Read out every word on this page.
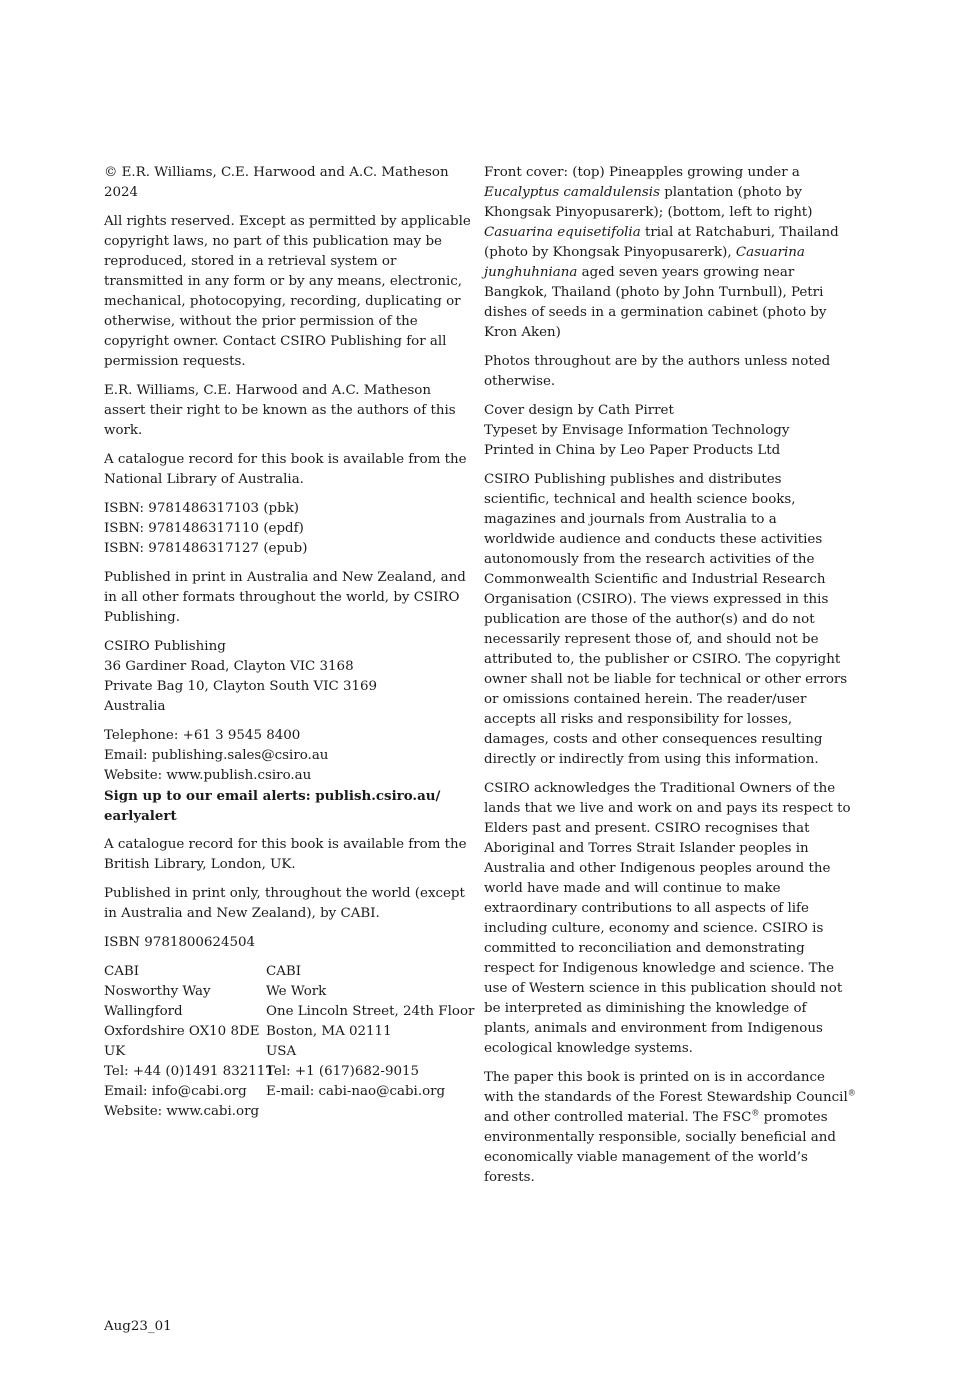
© E.R. Williams, C.E. Harwood and A.C. Matheson
2024
All rights reserved. Except as permitted by applicable
copyright laws, no part of this publication may be
reproduced, stored in a retrieval system or
transmitted in any form or by any means, electronic,
mechanical, photocopying, recording, duplicating or
otherwise, without the prior permission of the
copyright owner. Contact CSIRO Publishing for all
permission requests.
E.R. Williams, C.E. Harwood and A.C. Matheson
assert their right to be known as the authors of this
work.
A catalogue record for this book is available from the
National Library of Australia.
ISBN: 9781486317103 (pbk)
ISBN: 9781486317110 (epdf)
ISBN: 9781486317127 (epub)
Published in print in Australia and New Zealand, and
in all other formats throughout the world, by CSIRO
Publishing.
CSIRO Publishing
36 Gardiner Road, Clayton VIC 3168
Private Bag 10, Clayton South VIC 3169
Australia
Telephone: +61 3 9545 8400
Email: publishing.sales@csiro.au
Website: www.publish.csiro.au
Sign up to our email alerts: publish.csiro.au/
earlyalert
A catalogue record for this book is available from the
British Library, London, UK.
Published in print only, throughout the world (except
in Australia and New Zealand), by CABI.
ISBN 9781800624504
CABI
Nosworthy Way
Wallingford
Oxfordshire OX10 8DE
UK
Tel: +44 (0)1491 832111
Email: info@cabi.org
Website: www.cabi.org
CABI
We Work
One Lincoln Street, 24th Floor
Boston, MA 02111
USA
Tel: +1 (617)682-9015
E-mail: cabi-nao@cabi.org
Front cover: (top) Pineapples growing under a
Eucalyptus camaldulensis plantation (photo by
Khongsak Pinyopusarerk); (bottom, left to right)
Casuarina equisetifolia trial at Ratchaburi, Thailand
(photo by Khongsak Pinyopusarerk), Casuarina
junghuhniana aged seven years growing near
Bangkok, Thailand (photo by John Turnbull), Petri
dishes of seeds in a germination cabinet (photo by
Kron Aken)
Photos throughout are by the authors unless noted
otherwise.
Cover design by Cath Pirret
Typeset by Envisage Information Technology
Printed in China by Leo Paper Products Ltd
CSIRO Publishing publishes and distributes
scientific, technical and health science books,
magazines and journals from Australia to a
worldwide audience and conducts these activities
autonomously from the research activities of the
Commonwealth Scientific and Industrial Research
Organisation (CSIRO). The views expressed in this
publication are those of the author(s) and do not
necessarily represent those of, and should not be
attributed to, the publisher or CSIRO. The copyright
owner shall not be liable for technical or other errors
or omissions contained herein. The reader/user
accepts all risks and responsibility for losses,
damages, costs and other consequences resulting
directly or indirectly from using this information.
CSIRO acknowledges the Traditional Owners of the
lands that we live and work on and pays its respect to
Elders past and present. CSIRO recognises that
Aboriginal and Torres Strait Islander peoples in
Australia and other Indigenous peoples around the
world have made and will continue to make
extraordinary contributions to all aspects of life
including culture, economy and science. CSIRO is
committed to reconciliation and demonstrating
respect for Indigenous knowledge and science. The
use of Western science in this publication should not
be interpreted as diminishing the knowledge of
plants, animals and environment from Indigenous
ecological knowledge systems.
The paper this book is printed on is in accordance
with the standards of the Forest Stewardship Council®
and other controlled material. The FSC® promotes
environmentally responsible, socially beneficial and
economically viable management of the world’s
forests.
Aug23_01
